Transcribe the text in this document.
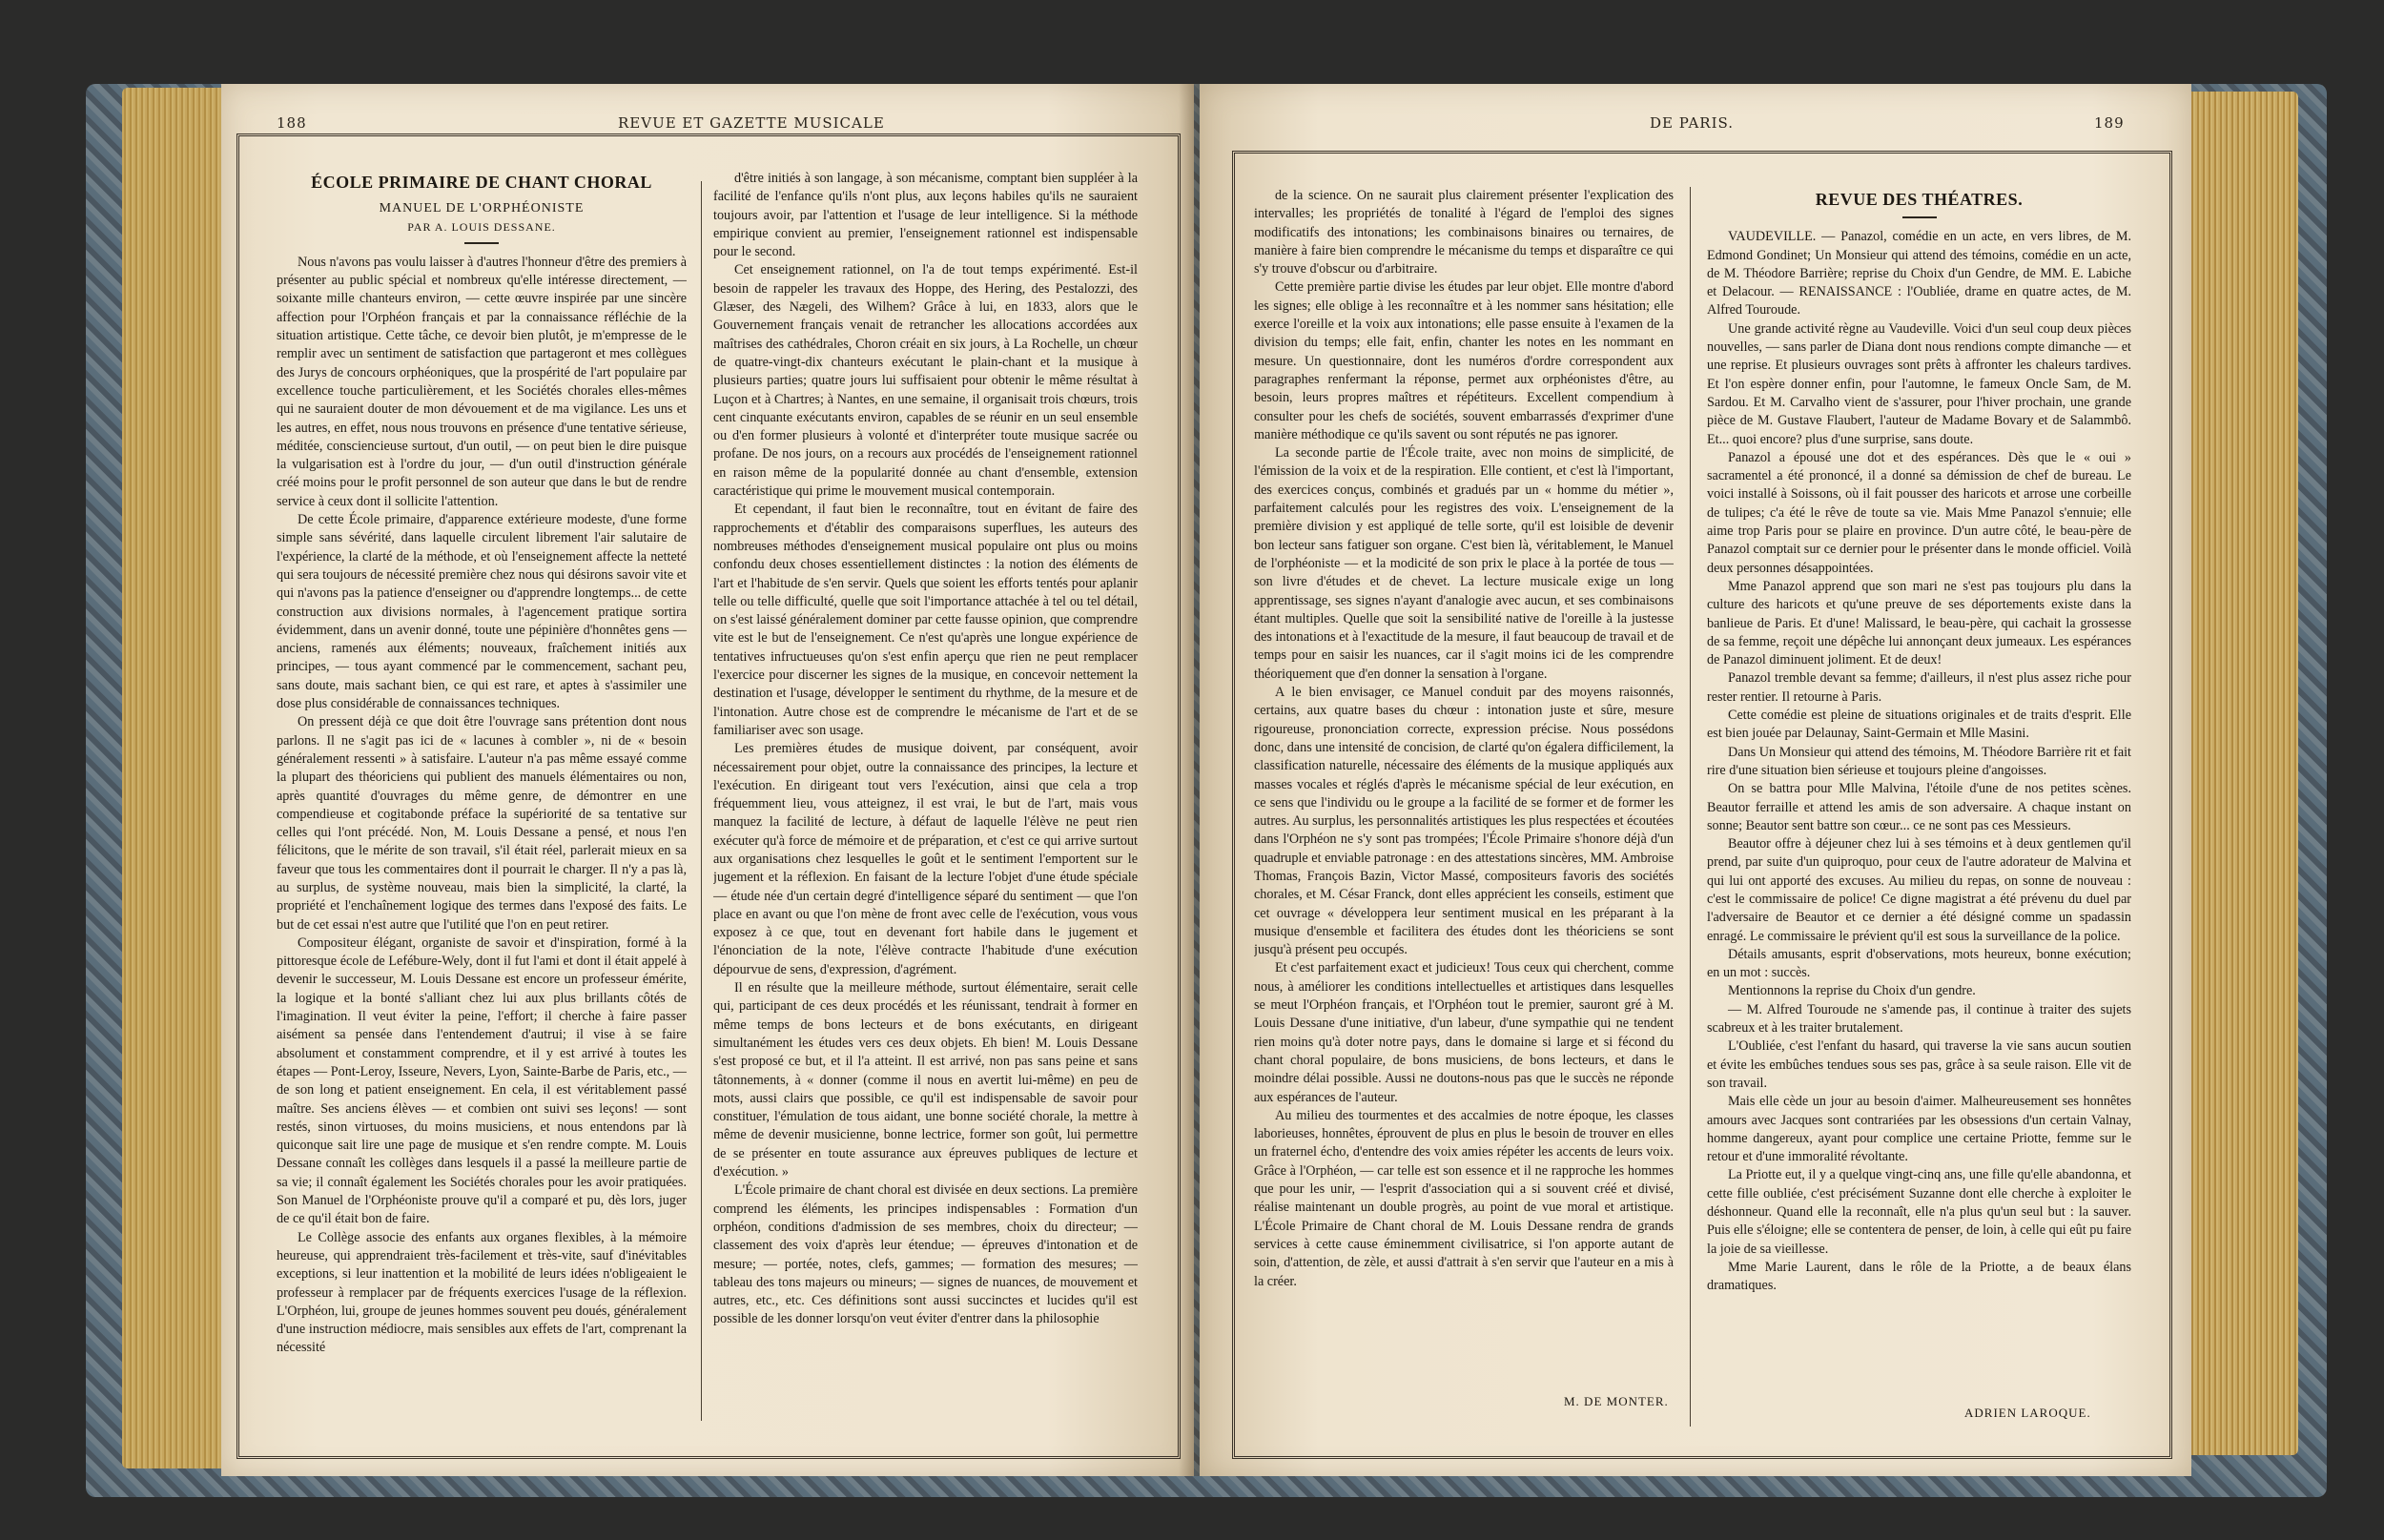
188	REVUE ET GAZETTE MUSICALE
ÉCOLE PRIMAIRE DE CHANT CHORAL
MANUEL DE L'ORPHÉONISTE
PAR A. LOUIS DESSANE.

Nous n'avons pas voulu laisser à d'autres l'honneur d'être des premiers à présenter au public spécial et nombreux qu'elle intéresse directement, — soixante mille chanteurs environ, — cette œuvre inspirée par une sincère affection pour l'Orphéon français et par la connaissance réfléchie de la situation artistique. Cette tâche, ce devoir bien plutôt, je m'empresse de le remplir avec un sentiment de satisfaction que partageront et mes collègues des Jurys de concours orphéoniques, que la prospérité de l'art populaire par excellence touche particulièrement, et les Sociétés chorales elles-mêmes qui ne sauraient douter de mon dévouement et de ma vigilance. Les uns et les autres, en effet, nous nous trouvons en présence d'une tentative sérieuse, méditée, consciencieuse surtout, d'un outil, — on peut bien le dire puisque la vulgarisation est à l'ordre du jour, — d'un outil d'instruction générale créé moins pour le profit personnel de son auteur que dans le but de rendre service à ceux dont il sollicite l'attention.

De cette École primaire, d'apparence extérieure modeste, d'une forme simple sans sévérité, dans laquelle circulent librement l'air salutaire de l'expérience, la clarté de la méthode, et où l'enseignement affecte la netteté qui sera toujours de nécessité première chez nous qui désirons savoir vite et qui n'avons pas la patience d'enseigner ou d'apprendre longtemps... de cette construction aux divisions normales, à l'agencement pratique sortira évidemment, dans un avenir donné, toute une pépinière d'honnêtes gens — anciens, ramenés aux éléments; nouveaux, fraîchement initiés aux principes, — tous ayant commencé par le commencement, sachant peu, sans doute, mais sachant bien, ce qui est rare, et aptes à s'assimiler une dose plus considérable de connaissances techniques.

On pressent déjà ce que doit être l'ouvrage sans prétention dont nous parlons. Il ne s'agit pas ici de « lacunes à combler », ni de « besoin généralement ressenti » à satisfaire. L'auteur n'a pas même essayé comme la plupart des théoriciens qui publient des manuels élémentaires ou non, après quantité d'ouvrages du même genre, de démontrer en une compendieuse et cogitabonde préface la supériorité de sa tentative sur celles qui l'ont précédé. Non, M. Louis Dessane a pensé, et nous l'en félicitons, que le mérite de son travail, s'il était réel, parlerait mieux en sa faveur que tous les commentaires dont il pourrait le charger. Il n'y a pas là, au surplus, de système nouveau, mais bien la simplicité, la clarté, la propriété et l'enchaînement logique des termes dans l'exposé des faits. Le but de cet essai n'est autre que l'utilité que l'on en peut retirer.

Compositeur élégant, organiste de savoir et d'inspiration, formé à la pittoresque école de Lefébure-Wely, dont il fut l'ami et dont il était appelé à devenir le successeur, M. Louis Dessane est encore un professeur émérite, la logique et la bonté s'alliant chez lui aux plus brillants côtés de l'imagination. Il veut éviter la peine, l'effort; il cherche à faire passer aisément sa pensée dans l'entendement d'autrui; il vise à se faire absolument et constamment comprendre, et il y est arrivé à toutes les étapes — Pont-Leroy, Isseure, Nevers, Lyon, Sainte-Barbe de Paris, etc., — de son long et patient enseignement. En cela, il est véritablement passé maître. Ses anciens élèves — et combien ont suivi ses leçons! — sont restés, sinon virtuoses, du moins musiciens, et nous entendons par là quiconque sait lire une page de musique et s'en rendre compte. M. Louis Dessane connaît les collèges dans lesquels il a passé la meilleure partie de sa vie; il connaît également les Sociétés chorales pour les avoir pratiquées. Son Manuel de l'Orphéoniste prouve qu'il a comparé et pu, dès lors, juger de ce qu'il était bon de faire.

Le Collège associe des enfants aux organes flexibles, à la mémoire heureuse, qui apprendraient très-facilement et très-vite, sauf d'inévitables exceptions, si leur inattention et la mobilité de leurs idées n'obligeaient le professeur à remplacer par de fréquents exercices l'usage de la réflexion. L'Orphéon, lui, groupe de jeunes hommes souvent peu doués, généralement d'une instruction médiocre, mais sensibles aux effets de l'art, comprenant la nécessité

d'être initiés à son langage, à son mécanisme, comptant bien suppléer à la facilité de l'enfance qu'ils n'ont plus, aux leçons habiles qu'ils ne sauraient toujours avoir, par l'attention et l'usage de leur intelligence. Si la méthode empirique convient au premier, l'enseignement rationnel est indispensable pour le second.

Cet enseignement rationnel, on l'a de tout temps expérimenté. Est-il besoin de rappeler les travaux des Hoppe, des Hering, des Pestalozzi, des Glæser, des Nægeli, des Wilhem? Grâce à lui, en 1833, alors que le Gouvernement français venait de retrancher les allocations accordées aux maîtrises des cathédrales, Choron créait en six jours, à La Rochelle, un chœur de quatre-vingt-dix chanteurs exécutant le plain-chant et la musique à plusieurs parties; quatre jours lui suffisaient pour obtenir le même résultat à Luçon et à Chartres; à Nantes, en une semaine, il organisait trois chœurs, trois cent cinquante exécutants environ, capables de se réunir en un seul ensemble ou d'en former plusieurs à volonté et d'interpréter toute musique sacrée ou profane. De nos jours, on a recours aux procédés de l'enseignement rationnel en raison même de la popularité donnée au chant d'ensemble, extension caractéristique qui prime le mouvement musical contemporain.

Et cependant, il faut bien le reconnaître, tout en évitant de faire des rapprochements et d'établir des comparaisons superflues, les auteurs des nombreuses méthodes d'enseignement musical populaire ont plus ou moins confondu deux choses essentiellement distinctes : la notion des éléments de l'art et l'habitude de s'en servir. Quels que soient les efforts tentés pour aplanir telle ou telle difficulté, quelle que soit l'importance attachée à tel ou tel détail, on s'est laissé généralement dominer par cette fausse opinion, que comprendre vite est le but de l'enseignement. Ce n'est qu'après une longue expérience de tentatives infructueuses qu'on s'est enfin aperçu que rien ne peut remplacer l'exercice pour discerner les signes de la musique, en concevoir nettement la destination et l'usage, développer le sentiment du rhythme, de la mesure et de l'intonation. Autre chose est de comprendre le mécanisme de l'art et de se familiariser avec son usage.

Les premières études de musique doivent, par conséquent, avoir nécessairement pour objet, outre la connaissance des principes, la lecture et l'exécution. En dirigeant tout vers l'exécution, ainsi que cela a trop fréquemment lieu, vous atteignez, il est vrai, le but de l'art, mais vous manquez la facilité de lecture, à défaut de laquelle l'élève ne peut rien exécuter qu'à force de mémoire et de préparation, et c'est ce qui arrive surtout aux organisations chez lesquelles le goût et le sentiment l'emportent sur le jugement et la réflexion. En faisant de la lecture l'objet d'une étude spéciale — étude née d'un certain degré d'intelligence séparé du sentiment — que l'on place en avant ou que l'on mène de front avec celle de l'exécution, vous vous exposez à ce que, tout en devenant fort habile dans le jugement et l'énonciation de la note, l'élève contracte l'habitude d'une exécution dépourvue de sens, d'expression, d'agrément.

Il en résulte que la meilleure méthode, surtout élémentaire, serait celle qui, participant de ces deux procédés et les réunissant, tendrait à former en même temps de bons lecteurs et de bons exécutants, en dirigeant simultanément les études vers ces deux objets. Eh bien! M. Louis Dessane s'est proposé ce but, et il l'a atteint. Il est arrivé, non pas sans peine et sans tâtonnements, à « donner (comme il nous en avertit lui-même) en peu de mots, aussi clairs que possible, ce qu'il est indispensable de savoir pour constituer, l'émulation de tous aidant, une bonne société chorale, la mettre à même de devenir musicienne, bonne lectrice, former son goût, lui permettre de se présenter en toute assurance aux épreuves publiques de lecture et d'exécution. »

L'École primaire de chant choral est divisée en deux sections. La première comprend les éléments, les principes indispensables : Formation d'un orphéon, conditions d'admission de ses membres, choix du directeur; — classement des voix d'après leur étendue; — épreuves d'intonation et de mesure; — portée, notes, clefs, gammes; — formation des mesures; — tableau des tons majeurs ou mineurs; — signes de nuances, de mouvement et autres, etc., etc. Ces définitions sont aussi succinctes et lucides qu'il est possible de les donner lorsqu'on veut éviter d'entrer dans la philosophie

DE PARIS.	189

de la science. On ne saurait plus clairement présenter l'explication des intervalles; les propriétés de tonalité à l'égard de l'emploi des signes modificatifs des intonations; les combinaisons binaires ou ternaires, de manière à faire bien comprendre le mécanisme du temps et disparaître ce qui s'y trouve d'obscur ou d'arbitraire.

Cette première partie divise les études par leur objet. Elle montre d'abord les signes; elle oblige à les reconnaître et à les nommer sans hésitation; elle exerce l'oreille et la voix aux intonations; elle passe ensuite à l'examen de la division du temps; elle fait, enfin, chanter les notes en les nommant en mesure. Un questionnaire, dont les numéros d'ordre correspondent aux paragraphes renfermant la réponse, permet aux orphéonistes d'être, au besoin, leurs propres maîtres et répétiteurs. Excellent compendium à consulter pour les chefs de sociétés, souvent embarrassés d'exprimer d'une manière méthodique ce qu'ils savent ou sont réputés ne pas ignorer.

La seconde partie de l'École traite, avec non moins de simplicité, de l'émission de la voix et de la respiration. Elle contient, et c'est là l'important, des exercices conçus, combinés et gradués par un « homme du métier », parfaitement calculés pour les registres des voix. L'enseignement de la première division y est appliqué de telle sorte, qu'il est loisible de devenir bon lecteur sans fatiguer son organe. C'est bien là, véritablement, le Manuel de l'orphéoniste — et la modicité de son prix le place à la portée de tous — son livre d'études et de chevet. La lecture musicale exige un long apprentissage, ses signes n'ayant d'analogie avec aucun, et ses combinaisons étant multiples. Quelle que soit la sensibilité native de l'oreille à la justesse des intonations et à l'exactitude de la mesure, il faut beaucoup de travail et de temps pour en saisir les nuances, car il s'agit moins ici de les comprendre théoriquement que d'en donner la sensation à l'organe.

A le bien envisager, ce Manuel conduit par des moyens raisonnés, certains, aux quatre bases du chœur : intonation juste et sûre, mesure rigoureuse, prononciation correcte, expression précise. Nous possédons donc, dans une intensité de concision, de clarté qu'on égalera difficilement, la classification naturelle, nécessaire des éléments de la musique appliqués aux masses vocales et réglés d'après le mécanisme spécial de leur exécution, en ce sens que l'individu ou le groupe a la facilité de se former et de former les autres. Au surplus, les personnalités artistiques les plus respectées et écoutées dans l'Orphéon ne s'y sont pas trompées; l'École Primaire s'honore déjà d'un quadruple et enviable patronage : en des attestations sincères, MM. Ambroise Thomas, François Bazin, Victor Massé, compositeurs favoris des sociétés chorales, et M. César Franck, dont elles apprécient les conseils, estiment que cet ouvrage « développera leur sentiment musical en les préparant à la musique d'ensemble et facilitera des études dont les théoriciens se sont jusqu'à présent peu occupés.

Et c'est parfaitement exact et judicieux! Tous ceux qui cherchent, comme nous, à améliorer les conditions intellectuelles et artistiques dans lesquelles se meut l'Orphéon français, et l'Orphéon tout le premier, sauront gré à M. Louis Dessane d'une initiative, d'un labeur, d'une sympathie qui ne tendent rien moins qu'à doter notre pays, dans le domaine si large et si fécond du chant choral populaire, de bons musiciens, de bons lecteurs, et dans le moindre délai possible. Aussi ne doutons-nous pas que le succès ne réponde aux espérances de l'auteur.

Au milieu des tourmentes et des accalmies de notre époque, les classes laborieuses, honnêtes, éprouvent de plus en plus le besoin de trouver en elles un fraternel écho, d'entendre des voix amies répéter les accents de leurs voix. Grâce à l'Orphéon, — car telle est son essence et il ne rapproche les hommes que pour les unir, — l'esprit d'association qui a si souvent créé et divisé, réalise maintenant un double progrès, au point de vue moral et artistique. L'École Primaire de Chant choral de M. Louis Dessane rendra de grands services à cette cause éminemment civilisatrice, si l'on apporte autant de soin, d'attention, de zèle, et aussi d'attrait à s'en servir que l'auteur en a mis à la créer.

M. DE MONTER.
REVUE DES THÉATRES.

VAUDEVILLE. — Panazol, comédie en un acte, en vers libres, de M. Edmond Gondinet; Un Monsieur qui attend des témoins, comédie en un acte, de M. Théodore Barrière; reprise du Choix d'un Gendre, de MM. E. Labiche et Delacour. — RENAISSANCE : l'Oubliée, drame en quatre actes, de M. Alfred Touroude.

Une grande activité règne au Vaudeville. Voici d'un seul coup deux pièces nouvelles, — sans parler de Diana dont nous rendions compte dimanche — et une reprise. Et plusieurs ouvrages sont prêts à affronter les chaleurs tardives. Et l'on espère donner enfin, pour l'automne, le fameux Oncle Sam, de M. Sardou. Et M. Carvalho vient de s'assurer, pour l'hiver prochain, une grande pièce de M. Gustave Flaubert, l'auteur de Madame Bovary et de Salammbô. Et... quoi encore? plus d'une surprise, sans doute.

Panazol a épousé une dot et des espérances. Dès que le « oui » sacramentel a été prononcé, il a donné sa démission de chef de bureau. Le voici installé à Soissons, où il fait pousser des haricots et arrose une corbeille de tulipes; c'a été le rêve de toute sa vie. Mais Mme Panazol s'ennuie; elle aime trop Paris pour se plaire en province. D'un autre côté, le beau-père de Panazol comptait sur ce dernier pour le présenter dans le monde officiel. Voilà deux personnes désappointées.

Mme Panazol apprend que son mari ne s'est pas toujours plu dans la culture des haricots et qu'une preuve de ses déportements existe dans la banlieue de Paris. Et d'une! Malissard, le beau-père, qui cachait la grossesse de sa femme, reçoit une dépêche lui annonçant deux jumeaux. Les espérances de Panazol diminuent joliment. Et de deux!

Panazol tremble devant sa femme; d'ailleurs, il n'est plus assez riche pour rester rentier. Il retourne à Paris.

Cette comédie est pleine de situations originales et de traits d'esprit. Elle est bien jouée par Delaunay, Saint-Germain et Mlle Masini.

Dans Un Monsieur qui attend des témoins, M. Théodore Barrière rit et fait rire d'une situation bien sérieuse et toujours pleine d'angoisses.

On se battra pour Mlle Malvina, l'étoile d'une de nos petites scènes. Beautor ferraille et attend les amis de son adversaire. A chaque instant on sonne; Beautor sent battre son cœur... ce ne sont pas ces Messieurs.

Beautor offre à déjeuner chez lui à ses témoins et à deux gentlemen qu'il prend, par suite d'un quiproquo, pour ceux de l'autre adorateur de Malvina et qui lui ont apporté des excuses. Au milieu du repas, on sonne de nouveau : c'est le commissaire de police! Ce digne magistrat a été prévenu du duel par l'adversaire de Beautor et ce dernier a été désigné comme un spadassin enragé. Le commissaire le prévient qu'il est sous la surveillance de la police.

Détails amusants, esprit d'observations, mots heureux, bonne exécution; en un mot : succès.

Mentionnons la reprise du Choix d'un gendre.

— M. Alfred Touroude ne s'amende pas, il continue à traiter des sujets scabreux et à les traiter brutalement.

L'Oubliée, c'est l'enfant du hasard, qui traverse la vie sans aucun soutien et évite les embûches tendues sous ses pas, grâce à sa seule raison. Elle vit de son travail.

Mais elle cède un jour au besoin d'aimer. Malheureusement ses honnêtes amours avec Jacques sont contrariées par les obsessions d'un certain Valnay, homme dangereux, ayant pour complice une certaine Priotte, femme sur le retour et d'une immoralité révoltante.

La Priotte eut, il y a quelque vingt-cinq ans, une fille qu'elle abandonna, et cette fille oubliée, c'est précisément Suzanne dont elle cherche à exploiter le déshonneur. Quand elle la reconnaît, elle n'a plus qu'un seul but : la sauver. Puis elle s'éloigne; elle se contentera de penser, de loin, à celle qui eût pu faire la joie de sa vieillesse.

Mme Marie Laurent, dans le rôle de la Priotte, a de beaux élans dramatiques.

ADRIEN LAROQUE.
